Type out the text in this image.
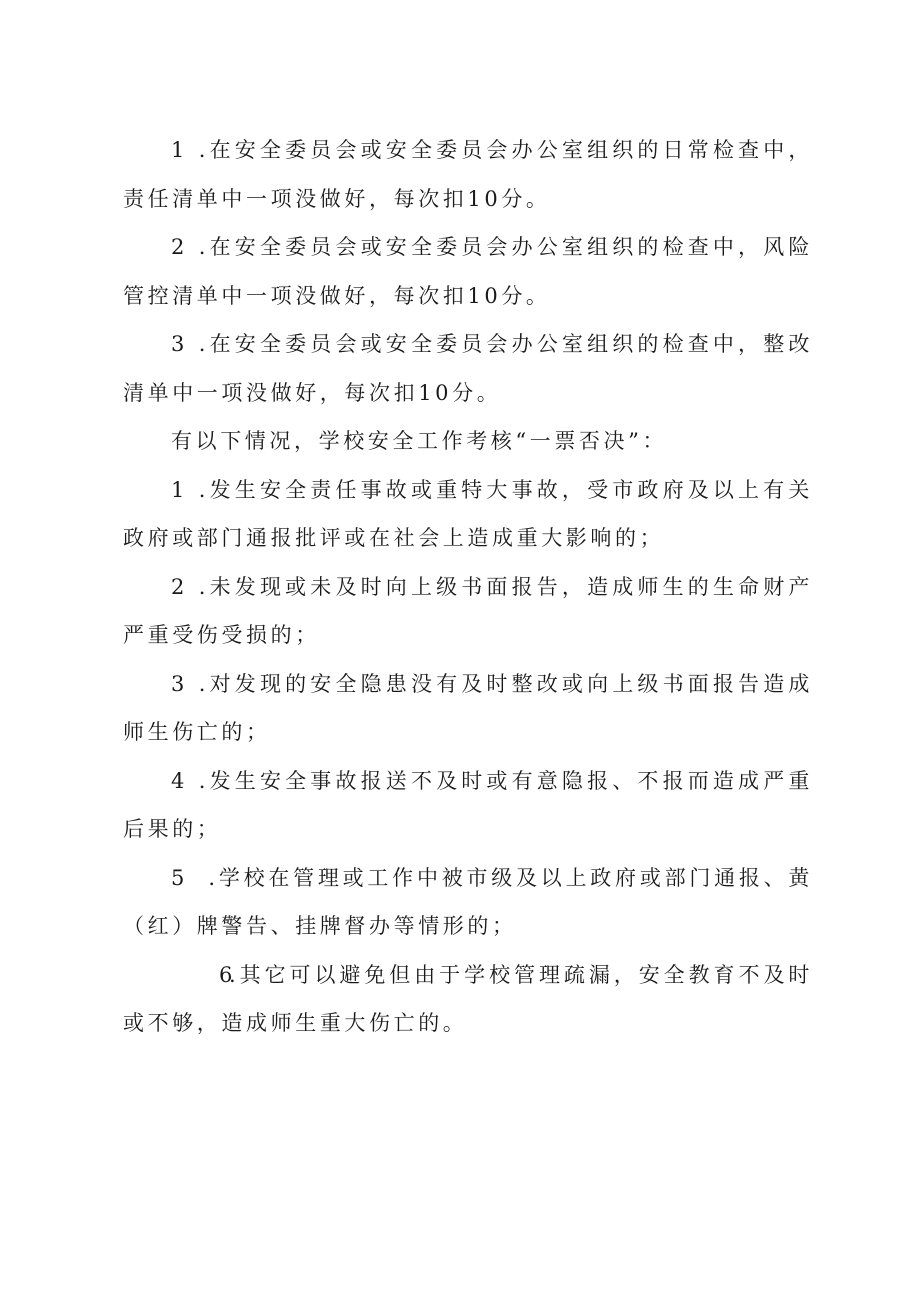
1 .在安全委员会或安全委员会办公室组织的日常检查中，责任清单中一项没做好，每次扣10分。

2 .在安全委员会或安全委员会办公室组织的检查中，风险管控清单中一项没做好，每次扣10分。

3 .在安全委员会或安全委员会办公室组织的检查中，整改清单中一项没做好，每次扣10分。

有以下情况，学校安全工作考核“一票否决”：

1 .发生安全责任事故或重特大事故，受市政府及以上有关政府或部门通报批评或在社会上造成重大影响的；

2 .未发现或未及时向上级书面报告，造成师生的生命财产严重受伤受损的；

3 .对发现的安全隐患没有及时整改或向上级书面报告造成师生伤亡的；

4 .发生安全事故报送不及时或有意隐报、不报而造成严重后果的；

5 .学校在管理或工作中被市级及以上政府或部门通报、黄（红）牌警告、挂牌督办等情形的；

6.其它可以避免但由于学校管理疏漏，安全教育不及时或不够，造成师生重大伤亡的。
